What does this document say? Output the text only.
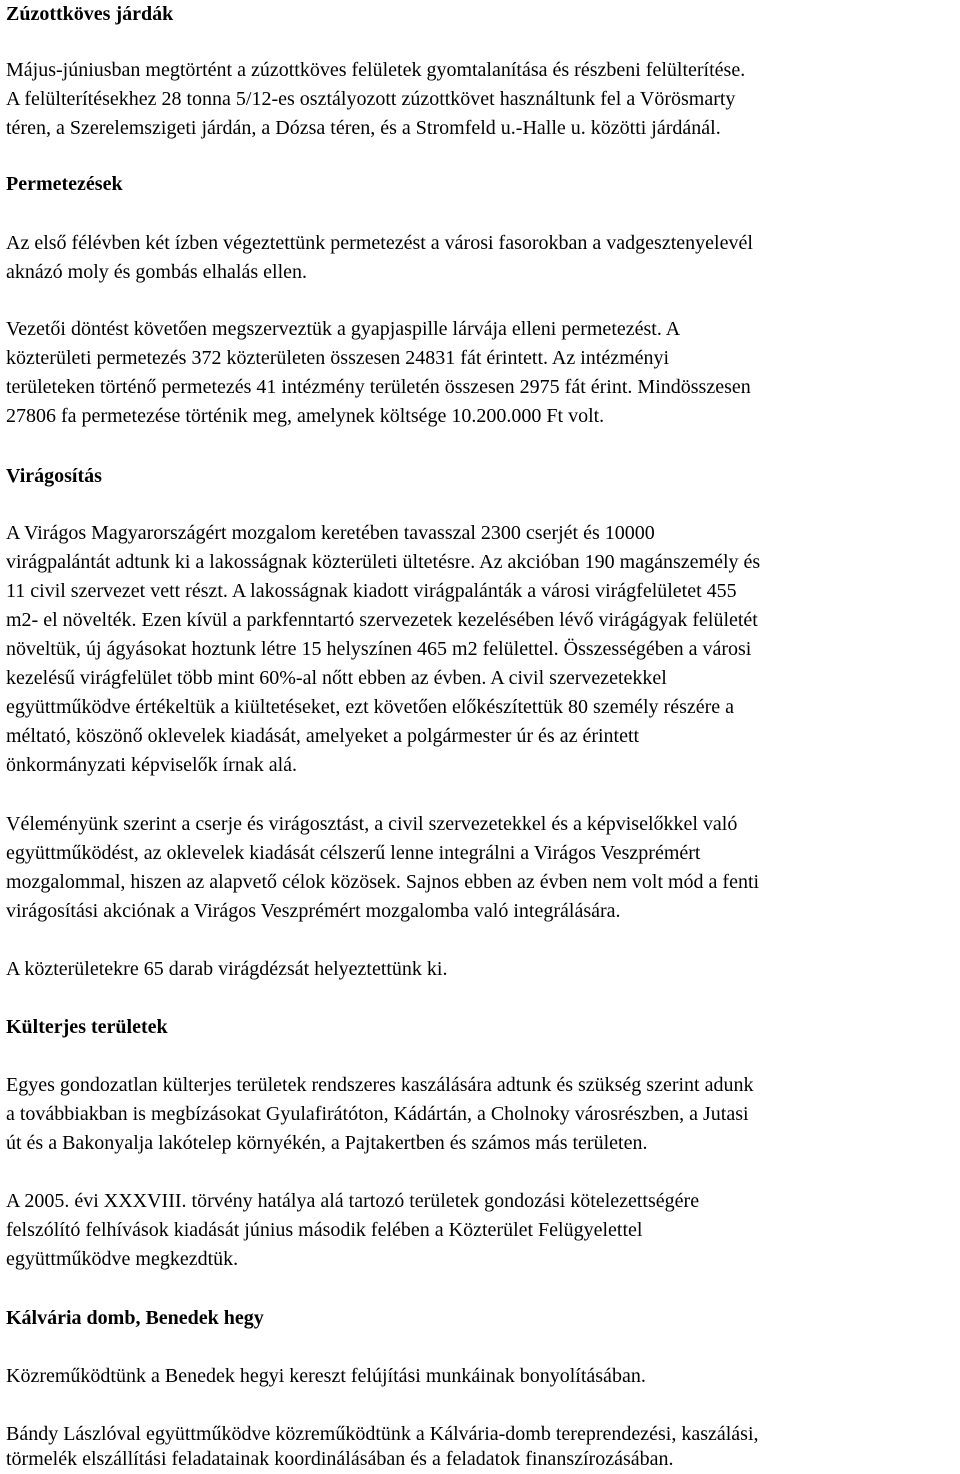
Zúzottköves járdák
Május-júniusban megtörtént a zúzottköves felületek gyomtalanítása és részbeni felülterítése.
A felülterítésekhez 28 tonna 5/12-es osztályozott zúzottkövet használtunk fel a Vörösmarty
téren, a Szerelemszigeti járdán, a Dózsa téren, és a Stromfeld u.-Halle u. közötti járdánál.
Permetezések
Az első félévben két ízben végeztettünk permetezést a városi fasorokban a vadgesztenyelevél
aknázó moly és gombás elhalás ellen.
Vezetői döntést követően megszerveztük a gyapjaspille lárvája elleni permetezést. A
közterületi permetezés 372 közterületen összesen 24831 fát érintett. Az intézményi
területeken történő permetezés 41 intézmény területén összesen 2975 fát érint. Mindösszesen
27806 fa permetezése történik meg, amelynek költsége 10.200.000 Ft volt.
Virágosítás
A Virágos Magyarországért mozgalom keretében tavasszal 2300 cserjét és 10000
virágpalántát adtunk ki a lakosságnak közterületi ültetésre. Az akcióban 190 magánszemély és
11 civil szervezet vett részt. A lakosságnak kiadott virágpalánták a városi virágfelületet 455
m2- el növelték. Ezen kívül a parkfenntartó szervezetek kezelésében lévő virágágyak felületét
növeltük, új ágyásokat hoztunk létre 15 helyszínen 465 m2 felülettel. Összességében a városi
kezelésű virágfelület több mint 60%-al nőtt ebben az évben. A civil szervezetekkel
együttműködve értékeltük a kiültetéseket, ezt követően előkészítettük 80 személy részére a
méltató, köszönő oklevelek kiadását, amelyeket a polgármester úr és az érintett
önkormányzati képviselők írnak alá.
Véleményünk szerint a cserje és virágosztást, a civil szervezetekkel és a képviselőkkel való
együttműködést, az oklevelek kiadását célszerű lenne integrálni a Virágos Veszprémért
mozgalommal, hiszen az alapvető célok közösek. Sajnos ebben az évben nem volt mód a fenti
virágosítási akciónak a Virágos Veszprémért mozgalomba való integrálására.
A közterületekre 65 darab virágdézsát helyeztettünk ki.
Külterjes területek
Egyes gondozatlan külterjes területek rendszeres kaszálására adtunk és szükség szerint adunk
a továbbiakban is megbízásokat Gyulafirátóton, Kádártán, a Cholnoky városrészben, a Jutasi
út és a Bakonyalja lakótelep környékén, a Pajtakertben és számos más területen.
A 2005. évi XXXVIII. törvény hatálya alá tartozó területek gondozási kötelezettségére
felszólító felhívások kiadását június második felében a Közterület Felügyelettel
együttműködve megkezdtük.
Kálvária domb, Benedek hegy
Közreműködtünk a Benedek hegyi kereszt felújítási munkáinak bonyolításában.
Bándy Lászlóval együttműködve közreműködtünk a Kálvária-domb tereprendezési, kaszálási,
törmelék elszállítási feladatainak koordinálásában és a feladatok finanszírozásában.
